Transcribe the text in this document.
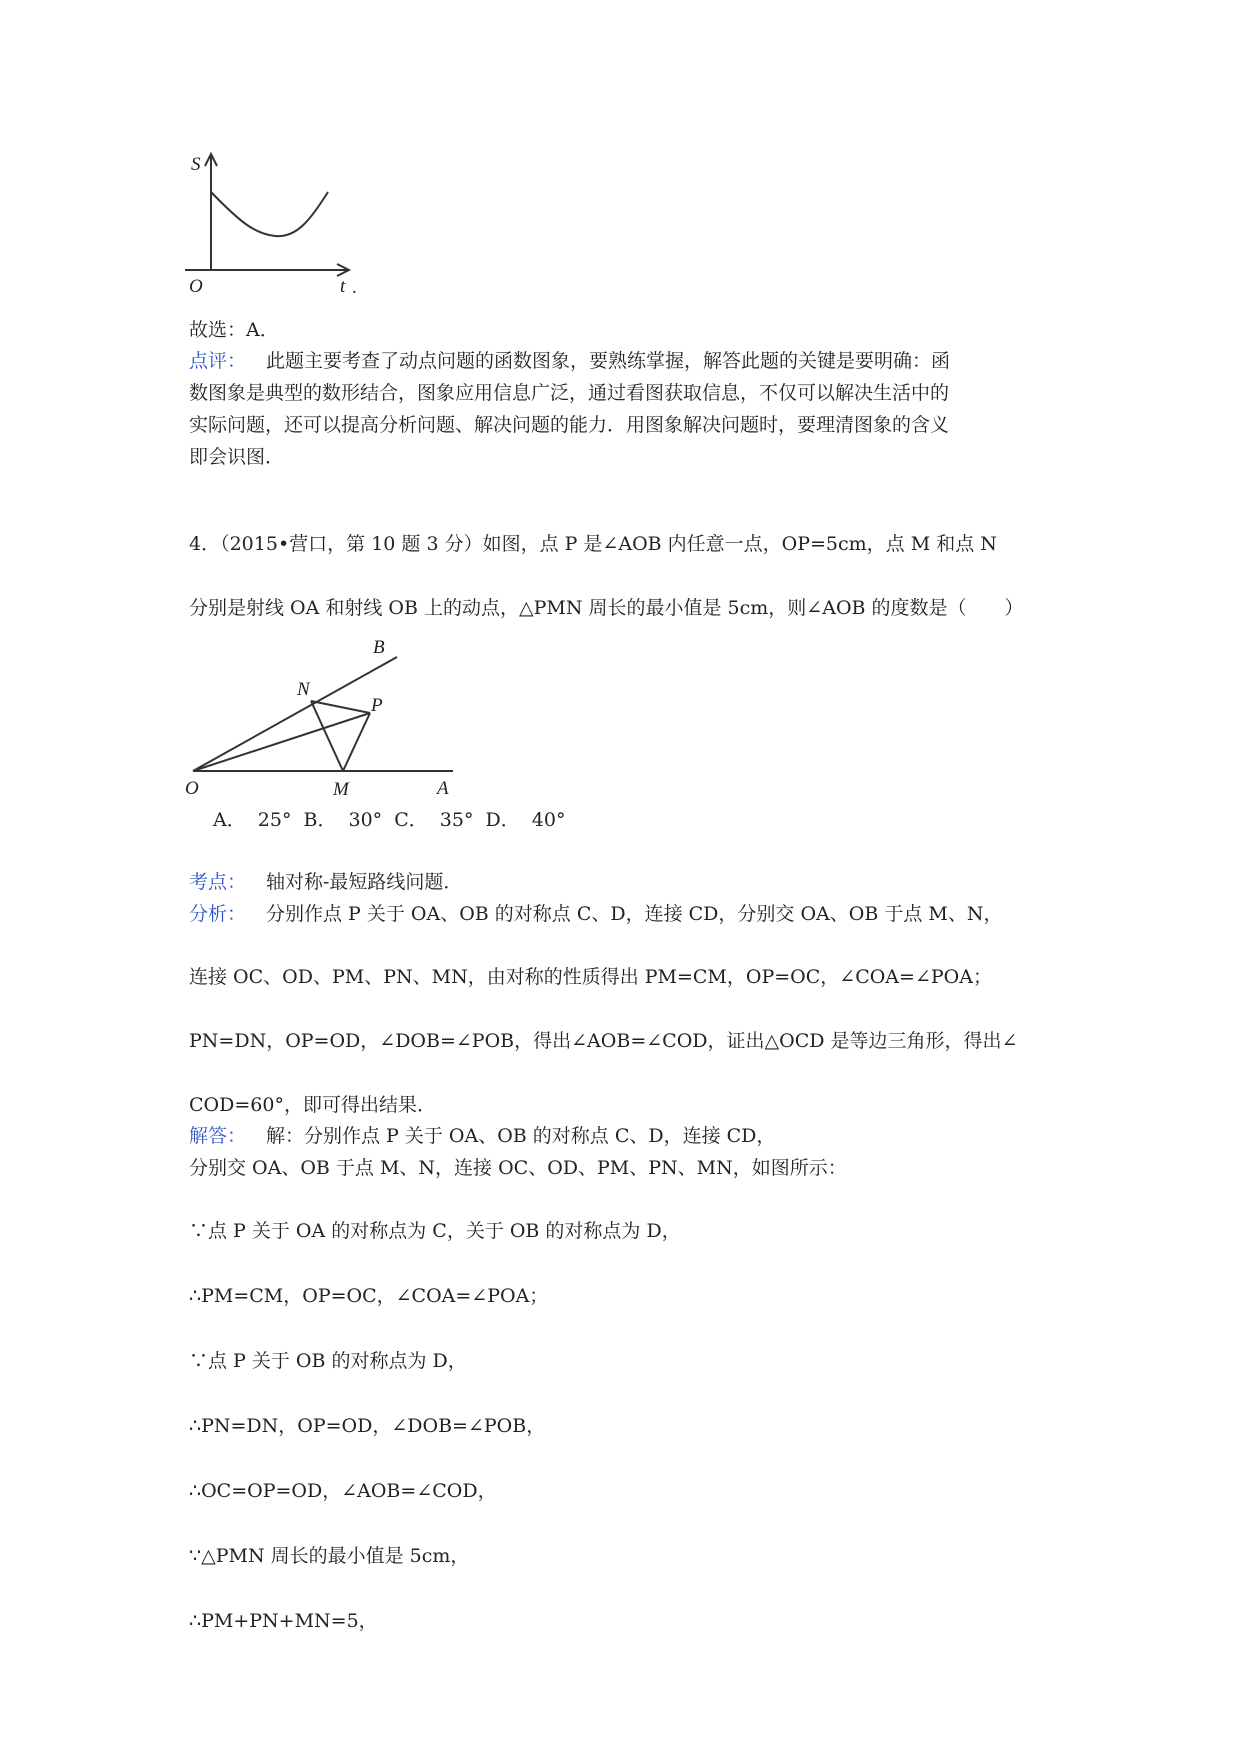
S
O	t .
故选：A．
点评： 此题主要考查了动点问题的函数图象，要熟练掌握，解答此题的关键是要明确：函
数图象是典型的数形结合，图象应用信息广泛，通过看图获取信息，不仅可以解决生活中的
实际问题，还可以提高分析问题、解决问题的能力．用图象解决问题时，要理清图象的含义
即会识图．
4．（2015•营口，第 10 题 3 分）如图，点 P 是∠AOB 内任意一点，OP=5cm，点 M 和点 N
分别是射线 OA 和射线 OB 上的动点，△PMN 周长的最小值是 5cm，则∠AOB 的度数是（　　）
B
N
P
O	M	A
A． 25° B． 30° C． 35° D． 40°
考点： 轴对称-最短路线问题．
分析： 分别作点 P 关于 OA、OB 的对称点 C、D，连接 CD，分别交 OA、OB 于点 M、N，
连接 OC、OD、PM、PN、MN，由对称的性质得出 PM=CM，OP=OC，∠COA=∠POA；
PN=DN，OP=OD，∠DOB=∠POB，得出∠AOB=∠COD，证出△OCD 是等边三角形，得出∠
COD=60°，即可得出结果．
解答： 解：分别作点 P 关于 OA、OB 的对称点 C、D，连接 CD，
分别交 OA、OB 于点 M、N，连接 OC、OD、PM、PN、MN，如图所示：
∵点 P 关于 OA 的对称点为 C，关于 OB 的对称点为 D，
∴PM=CM，OP=OC，∠COA=∠POA；
∵点 P 关于 OB 的对称点为 D，
∴PN=DN，OP=OD，∠DOB=∠POB，
∴OC=OP=OD，∠AOB=∠COD，
∵△PMN 周长的最小值是 5cm，
∴PM+PN+MN=5，
